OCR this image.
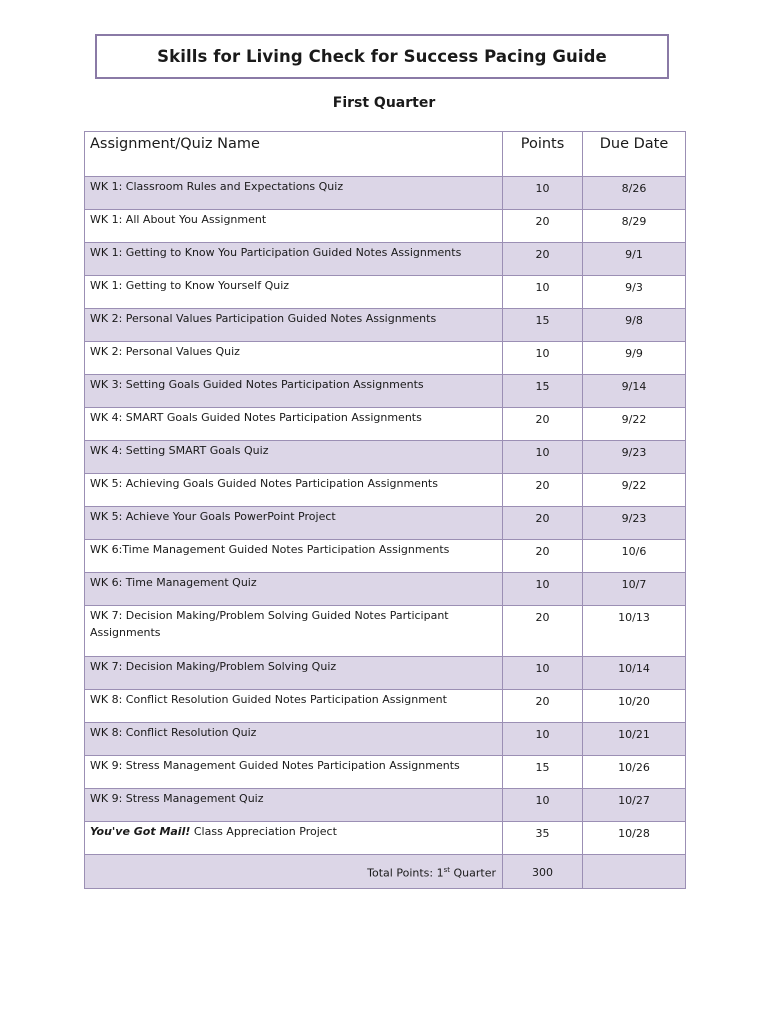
Skills for Living Check for Success Pacing Guide
First Quarter
Assignment/Quiz Name	Points	Due Date
WK 1: Classroom Rules and Expectations Quiz	10	8/26
WK 1: All About You Assignment	20	8/29
WK 1: Getting to Know You Participation Guided Notes Assignments	20	9/1
WK 1: Getting to Know Yourself Quiz	10	9/3
WK 2: Personal Values Participation Guided Notes Assignments	15	9/8
WK 2: Personal Values Quiz	10	9/9
WK 3: Setting Goals Guided Notes Participation Assignments	15	9/14
WK 4: SMART Goals Guided Notes Participation Assignments	20	9/22
WK 4: Setting SMART Goals Quiz	10	9/23
WK 5: Achieving Goals Guided Notes Participation Assignments	20	9/22
WK 5: Achieve Your Goals PowerPoint Project	20	9/23
WK 6:Time Management Guided Notes Participation Assignments	20	10/6
WK 6: Time Management Quiz	10	10/7
WK 7: Decision Making/Problem Solving Guided Notes Participant Assignments	20	10/13
WK 7: Decision Making/Problem Solving Quiz	10	10/14
WK 8: Conflict Resolution Guided Notes Participation Assignment	20	10/20
WK 8: Conflict Resolution Quiz	10	10/21
WK 9: Stress Management Guided Notes Participation Assignments	15	10/26
WK 9: Stress Management Quiz	10	10/27
You've Got Mail! Class Appreciation Project	35	10/28
Total Points: 1st Quarter	300	
